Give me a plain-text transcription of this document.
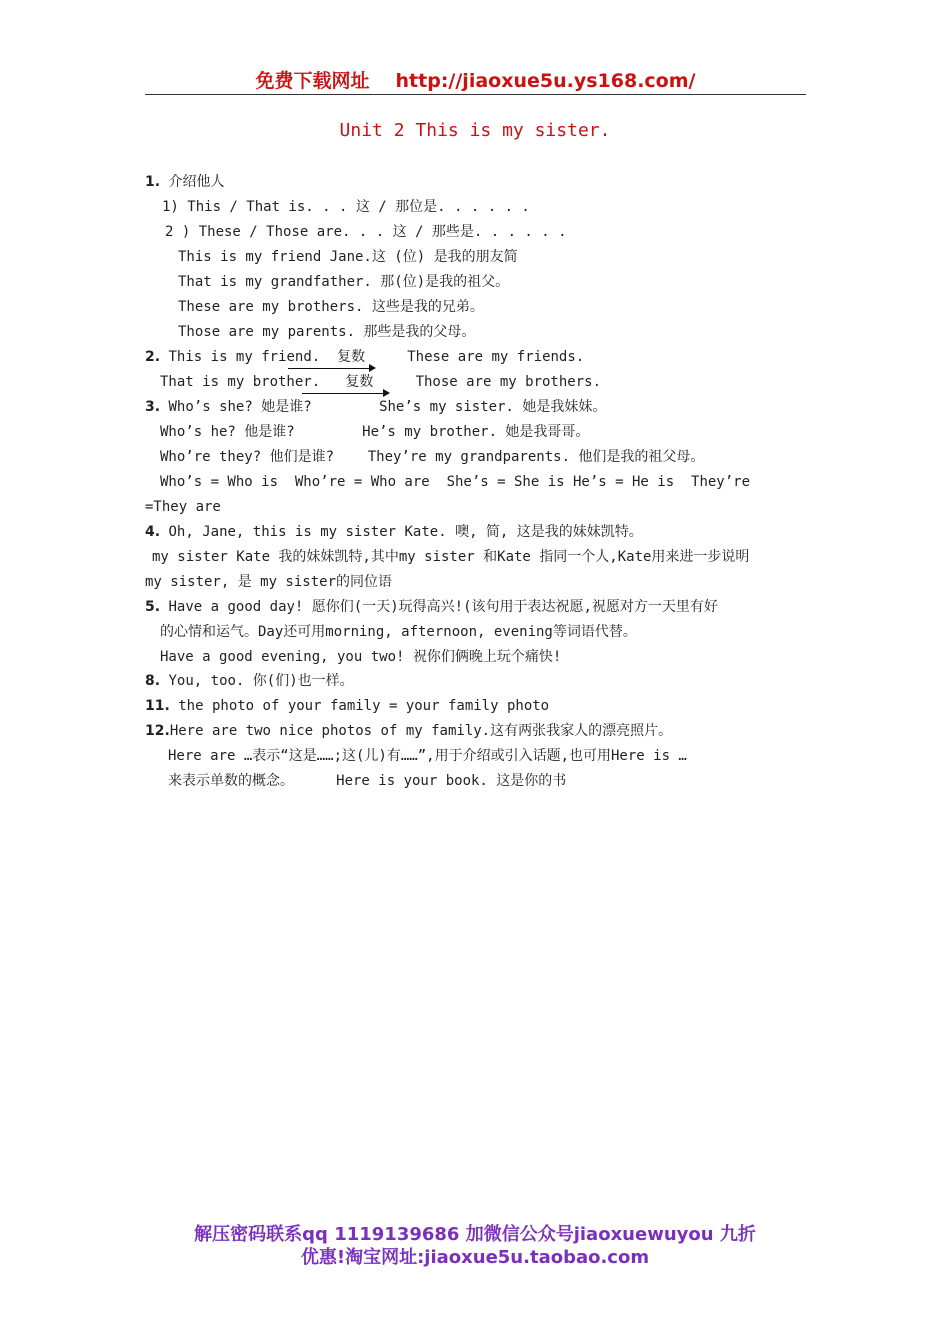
免费下载网址 http://jiaoxue5u.ys168.com/
Unit 2 This is my sister.
1. 介绍他人
1) This / That is. . . 这 / 那位是. . . . . .
2 ) These / Those are. . . 这 / 那些是. . . . . .
This is my friend Jane.这 (位) 是我的朋友简
That is my grandfather. 那(位)是我的祖父。
These are my brothers. 这些是我的兄弟。
Those are my parents. 那些是我的父母。
2. This is my friend.  复数     These are my friends.
That is my brother.   复数     Those are my brothers.
3. Who’s she? 她是谁?        She’s my sister. 她是我妹妹。
Who’s he? 他是谁?        He’s my brother. 她是我哥哥。
Who’re they? 他们是谁?    They’re my grandparents. 他们是我的祖父母。
Who’s = Who is  Who’re = Who are  She’s = She is He’s = He is  They’re
=They are
4. Oh, Jane, this is my sister Kate. 噢, 简, 这是我的妹妹凯特。
my sister Kate 我的妹妹凯特,其中my sister 和Kate 指同一个人,Kate用来进一步说明
my sister, 是 my sister的同位语
5. Have a good day! 愿你们(一天)玩得高兴!(该句用于表达祝愿,祝愿对方一天里有好
的心情和运气。Day还可用morning, afternoon, evening等词语代替。
Have a good evening, you two! 祝你们俩晚上玩个痛快!
8. You, too. 你(们)也一样。
11. the photo of your family = your family photo
12.Here are two nice photos of my family.这有两张我家人的漂亮照片。
Here are …表示“这是……;这(儿)有……”,用于介绍或引入话题,也可用Here is …
来表示单数的概念。     Here is your book. 这是你的书
解压密码联系qq 1119139686 加微信公众号jiaoxuewuyou 九折
优惠!淘宝网址:jiaoxue5u.taobao.com
